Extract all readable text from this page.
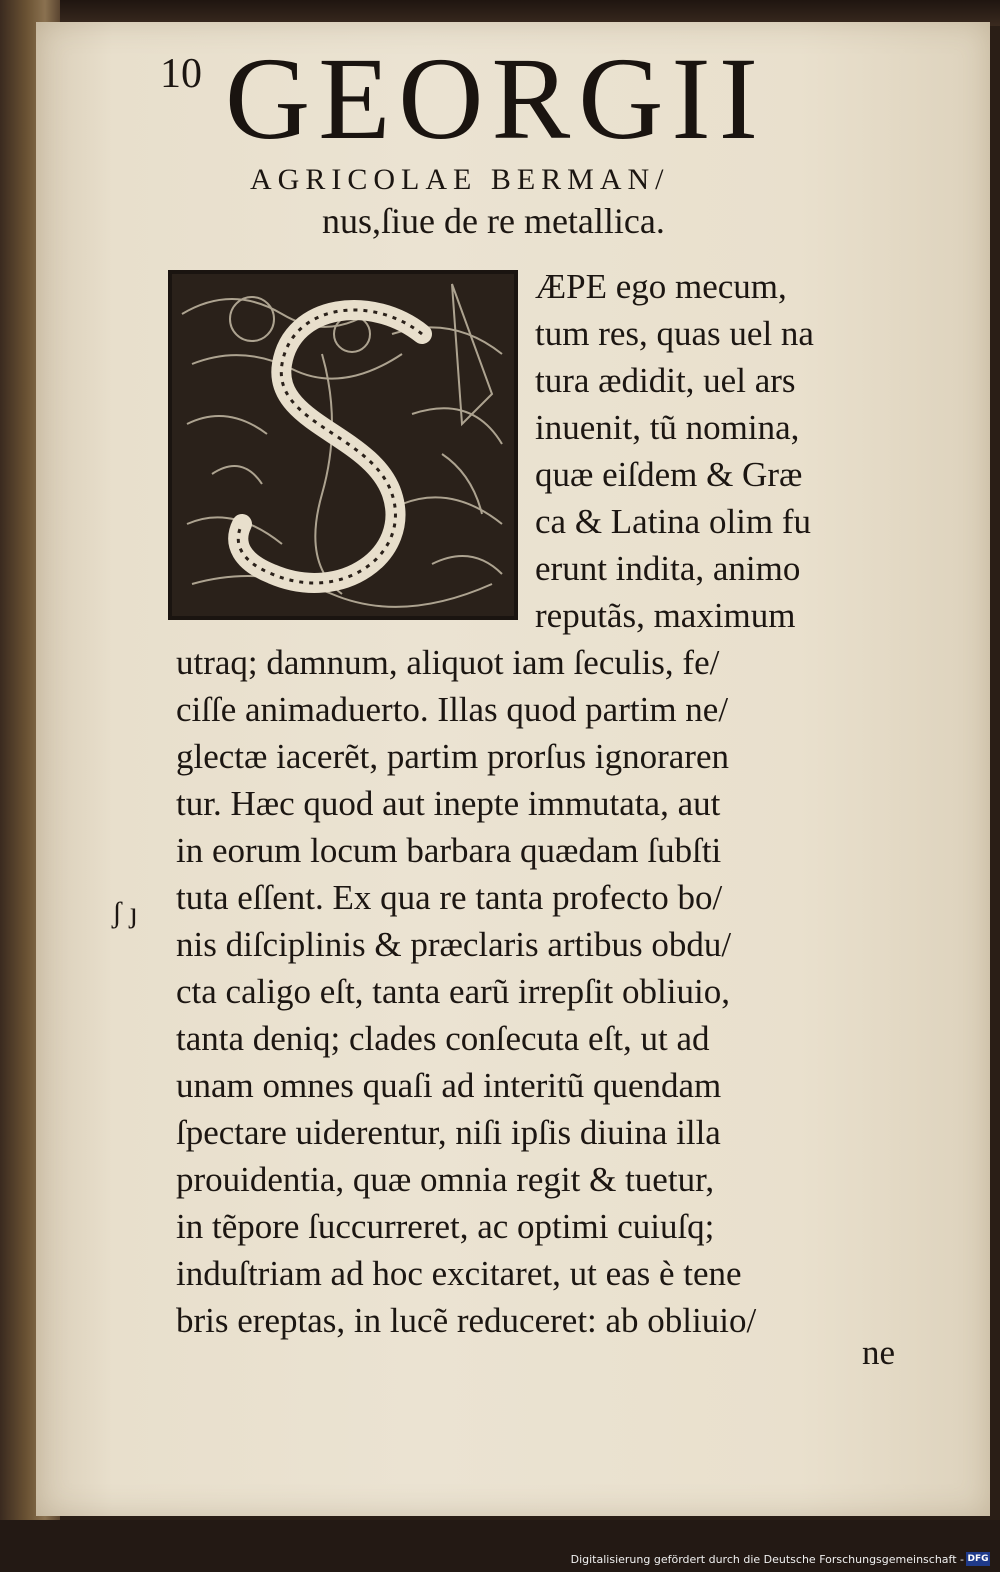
10 GEORGII
AGRICOLAE BERMAN/
nus,ſiue de re metallica.
ÆPE ego mecum,
tum res, quas uel na
tura ædidit, uel ars
inuenit, tũ nomina,
quæ eiſdem & Græ
ca & Latina olim fu
erunt indita, animo
reputãs, maximum
utraq; damnum, aliquot iam ſeculis, fe/
ciſſe animaduerto. Illas quod partim ne/
glectæ iacerẽt, partim prorſus ignoraren
tur. Hæc quod aut inepte immutata, aut
in eorum locum barbara quædam ſubſti
tuta eſſent. Ex qua re tanta profecto bo/
nis diſciplinis & præclaris artibus obdu/
cta caligo eſt, tanta earũ irrepſit obliuio,
tanta deniq; clades conſecuta eſt, ut ad
unam omnes quaſi ad interitũ quendam
ſpectare uiderentur, niſi ipſis diuina illa
prouidentia, quæ omnia regit & tuetur,
in tẽpore ſuccurreret, ac optimi cuiuſq;
induſtriam ad hoc excitaret, ut eas è tene
bris ereptas, in lucẽ reduceret: ab obliuio/
ʃ ȷ
ne
Digitalisierung gefördert durch die Deutsche Forschungsgemeinschaft - DFG
